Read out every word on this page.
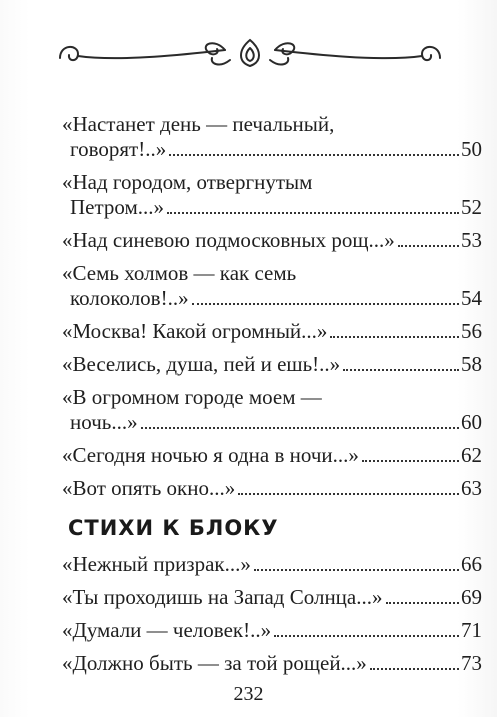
«Настанет день — печальный,
говорят!..»	50
«Над городом, отвергнутым
Петром...»	52
«Над синевою подмосковных рощ...»	53
«Семь холмов — как семь
колоколов!..»	54
«Москва! Какой огромный...»	56
«Веселись, душа, пей и ешь!..»	58
«В огромном городе моем —
ночь...»	60
«Сегодня ночью я одна в ночи...»	62
«Вот опять окно...»	63
СТИХИ К БЛОКУ
«Нежный призрак...»	66
«Ты проходишь на Запад Солнца...»	69
«Думали — человек!..»	71
«Должно быть — за той рощей...»	73
232
